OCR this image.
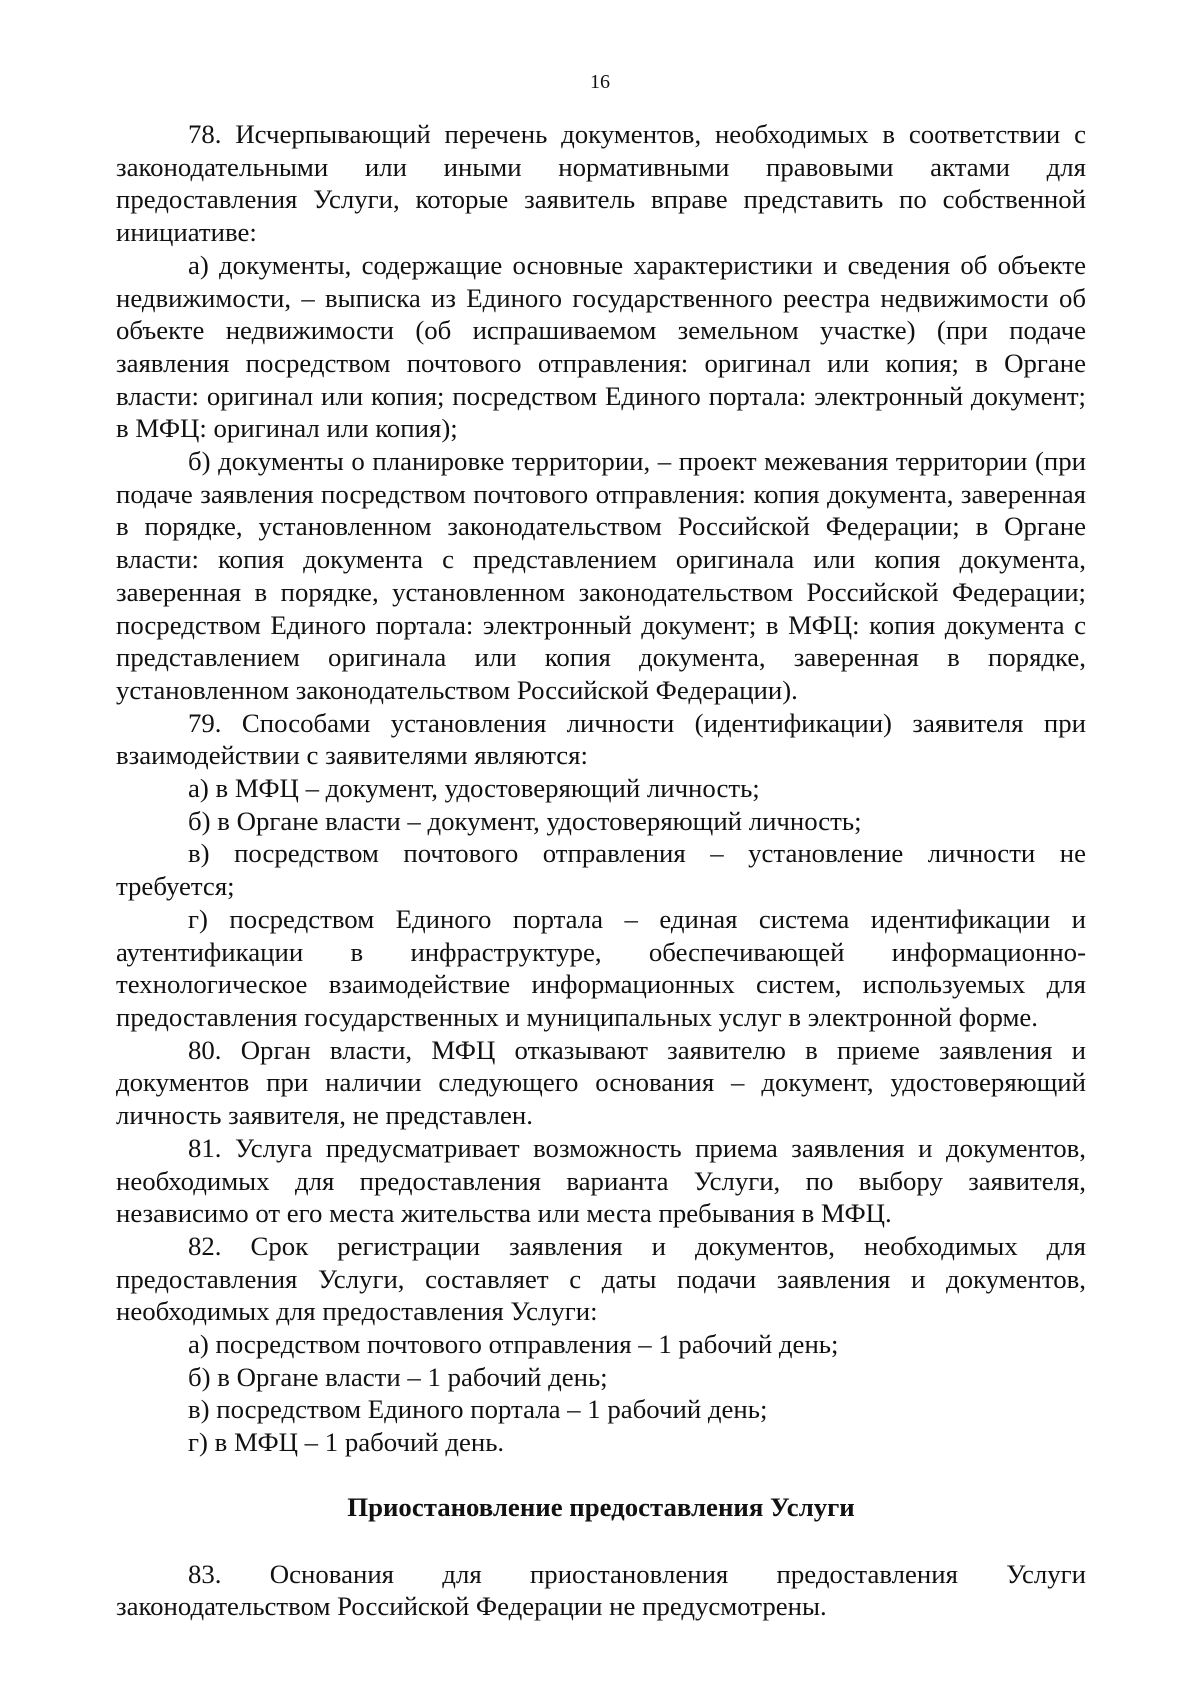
16

78. Исчерпывающий перечень документов, необходимых в соответствии с законодательными или иными нормативными правовыми актами для предоставления Услуги, которые заявитель вправе представить по собственной инициативе:

а) документы, содержащие основные характеристики и сведения об объекте недвижимости, – выписка из Единого государственного реестра недвижимости об объекте недвижимости (об испрашиваемом земельном участке) (при подаче заявления посредством почтового отправления: оригинал или копия; в Органе власти: оригинал или копия; посредством Единого портала: электронный документ; в МФЦ: оригинал или копия);

б) документы о планировке территории, – проект межевания территории (при подаче заявления посредством почтового отправления: копия документа, заверенная в порядке, установленном законодательством Российской Федерации; в Органе власти: копия документа с представлением оригинала или копия документа, заверенная в порядке, установленном законодательством Российской Федерации; посредством Единого портала: электронный документ; в МФЦ: копия документа с представлением оригинала или копия документа, заверенная в порядке, установленном законодательством Российской Федерации).

79. Способами установления личности (идентификации) заявителя при взаимодействии с заявителями являются:

а) в МФЦ – документ, удостоверяющий личность;

б) в Органе власти – документ, удостоверяющий личность;

в) посредством почтового отправления – установление личности не требуется;

г) посредством Единого портала – единая система идентификации и аутентификации в инфраструктуре, обеспечивающей информационно-технологическое взаимодействие информационных систем, используемых для предоставления государственных и муниципальных услуг в электронной форме.

80. Орган власти, МФЦ отказывают заявителю в приеме заявления и документов при наличии следующего основания – документ, удостоверяющий личность заявителя, не представлен.

81. Услуга предусматривает возможность приема заявления и документов, необходимых для предоставления варианта Услуги, по выбору заявителя, независимо от его места жительства или места пребывания в МФЦ.

82. Срок регистрации заявления и документов, необходимых для предоставления Услуги, составляет с даты подачи заявления и документов, необходимых для предоставления Услуги:

а) посредством почтового отправления – 1 рабочий день;

б) в Органе власти – 1 рабочий день;

в) посредством Единого портала – 1 рабочий день;

г) в МФЦ – 1 рабочий день.

Приостановление предоставления Услуги

83. Основания для приостановления предоставления Услуги законодательством Российской Федерации не предусмотрены.
